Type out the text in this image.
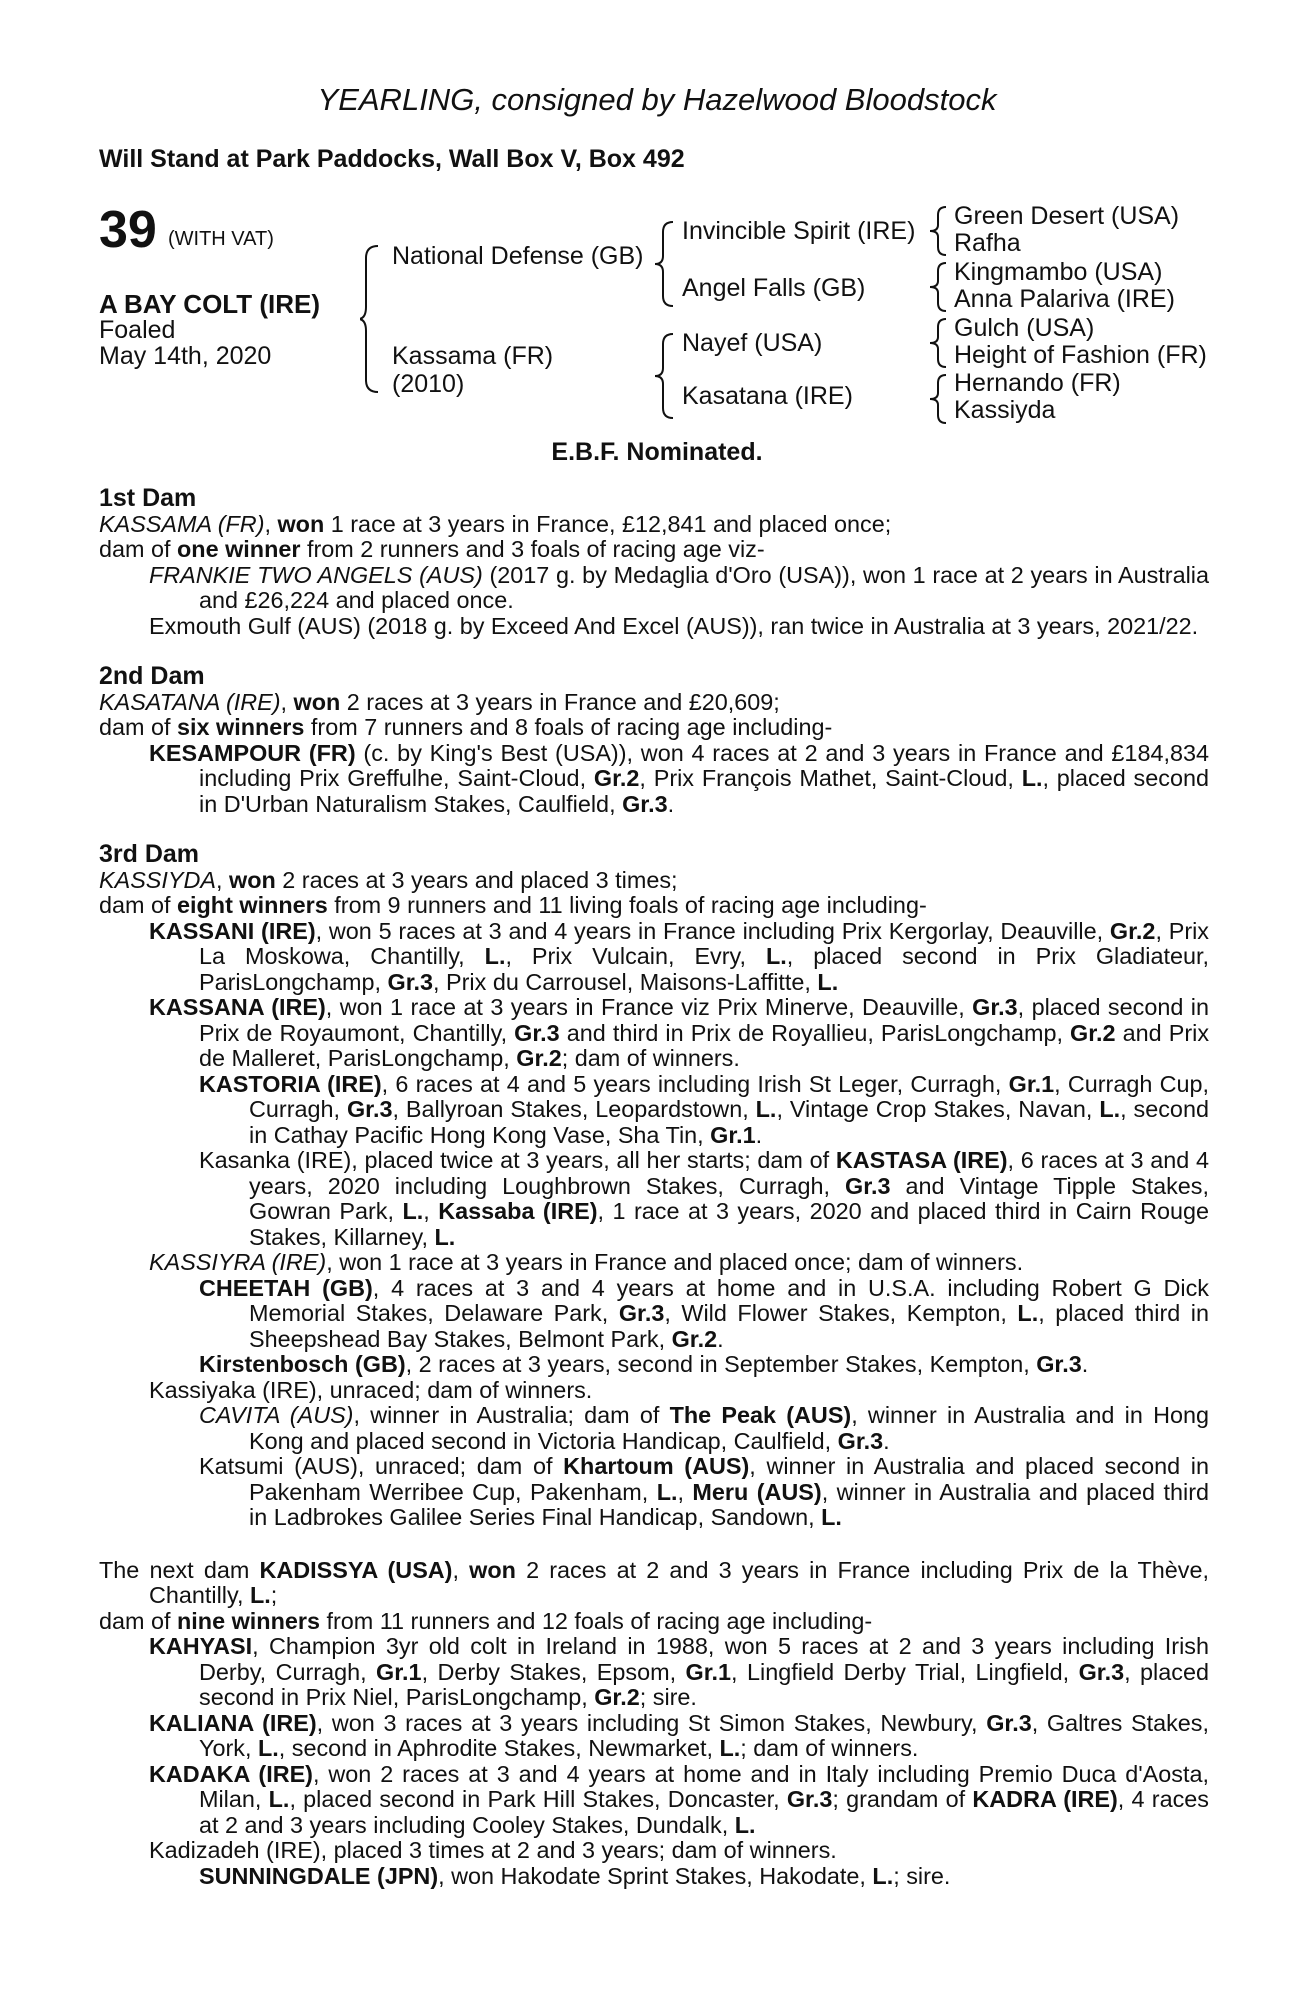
YEARLING, consigned by Hazelwood Bloodstock
Will Stand at Park Paddocks, Wall Box V, Box 492
39 (WITH VAT)
A BAY COLT (IRE)
Foaled
May 14th, 2020
National Defense (GB)
Kassama (FR)
(2010)
Invincible Spirit (IRE)
Angel Falls (GB)
Nayef (USA)
Kasatana (IRE)
Green Desert (USA)
Rafha
Kingmambo (USA)
Anna Palariva (IRE)
Gulch (USA)
Height of Fashion (FR)
Hernando (FR)
Kassiyda
E.B.F. Nominated.
1st Dam
KASSAMA (FR), won 1 race at 3 years in France, £12,841 and placed once;
dam of one winner from 2 runners and 3 foals of racing age viz-
FRANKIE TWO ANGELS (AUS) (2017 g. by Medaglia d'Oro (USA)), won 1 race at 2 years in Australia and £26,224 and placed once.
Exmouth Gulf (AUS) (2018 g. by Exceed And Excel (AUS)), ran twice in Australia at 3 years, 2021/22.
2nd Dam
KASATANA (IRE), won 2 races at 3 years in France and £20,609;
dam of six winners from 7 runners and 8 foals of racing age including-
KESAMPOUR (FR) (c. by King's Best (USA)), won 4 races at 2 and 3 years in France and £184,834 including Prix Greffulhe, Saint-Cloud, Gr.2, Prix François Mathet, Saint-Cloud, L., placed second in D'Urban Naturalism Stakes, Caulfield, Gr.3.
3rd Dam
KASSIYDA, won 2 races at 3 years and placed 3 times;
dam of eight winners from 9 runners and 11 living foals of racing age including-
KASSANI (IRE), won 5 races at 3 and 4 years in France including Prix Kergorlay, Deauville, Gr.2, Prix La Moskowa, Chantilly, L., Prix Vulcain, Evry, L., placed second in Prix Gladiateur, ParisLongchamp, Gr.3, Prix du Carrousel, Maisons-Laffitte, L.
KASSANA (IRE), won 1 race at 3 years in France viz Prix Minerve, Deauville, Gr.3, placed second in Prix de Royaumont, Chantilly, Gr.3 and third in Prix de Royallieu, ParisLongchamp, Gr.2 and Prix de Malleret, ParisLongchamp, Gr.2; dam of winners.
KASTORIA (IRE), 6 races at 4 and 5 years including Irish St Leger, Curragh, Gr.1, Curragh Cup, Curragh, Gr.3, Ballyroan Stakes, Leopardstown, L., Vintage Crop Stakes, Navan, L., second in Cathay Pacific Hong Kong Vase, Sha Tin, Gr.1.
Kasanka (IRE), placed twice at 3 years, all her starts; dam of KASTASA (IRE), 6 races at 3 and 4 years, 2020 including Loughbrown Stakes, Curragh, Gr.3 and Vintage Tipple Stakes, Gowran Park, L., Kassaba (IRE), 1 race at 3 years, 2020 and placed third in Cairn Rouge Stakes, Killarney, L.
KASSIYRA (IRE), won 1 race at 3 years in France and placed once; dam of winners.
CHEETAH (GB), 4 races at 3 and 4 years at home and in U.S.A. including Robert G Dick Memorial Stakes, Delaware Park, Gr.3, Wild Flower Stakes, Kempton, L., placed third in Sheepshead Bay Stakes, Belmont Park, Gr.2.
Kirstenbosch (GB), 2 races at 3 years, second in September Stakes, Kempton, Gr.3.
Kassiyaka (IRE), unraced; dam of winners.
CAVITA (AUS), winner in Australia; dam of The Peak (AUS), winner in Australia and in Hong Kong and placed second in Victoria Handicap, Caulfield, Gr.3.
Katsumi (AUS), unraced; dam of Khartoum (AUS), winner in Australia and placed second in Pakenham Werribee Cup, Pakenham, L., Meru (AUS), winner in Australia and placed third in Ladbrokes Galilee Series Final Handicap, Sandown, L.
The next dam KADISSYA (USA), won 2 races at 2 and 3 years in France including Prix de la Thève, Chantilly, L.;
dam of nine winners from 11 runners and 12 foals of racing age including-
KAHYASI, Champion 3yr old colt in Ireland in 1988, won 5 races at 2 and 3 years including Irish Derby, Curragh, Gr.1, Derby Stakes, Epsom, Gr.1, Lingfield Derby Trial, Lingfield, Gr.3, placed second in Prix Niel, ParisLongchamp, Gr.2; sire.
KALIANA (IRE), won 3 races at 3 years including St Simon Stakes, Newbury, Gr.3, Galtres Stakes, York, L., second in Aphrodite Stakes, Newmarket, L.; dam of winners.
KADAKA (IRE), won 2 races at 3 and 4 years at home and in Italy including Premio Duca d'Aosta, Milan, L., placed second in Park Hill Stakes, Doncaster, Gr.3; grandam of KADRA (IRE), 4 races at 2 and 3 years including Cooley Stakes, Dundalk, L.
Kadizadeh (IRE), placed 3 times at 2 and 3 years; dam of winners.
SUNNINGDALE (JPN), won Hakodate Sprint Stakes, Hakodate, L.; sire.
